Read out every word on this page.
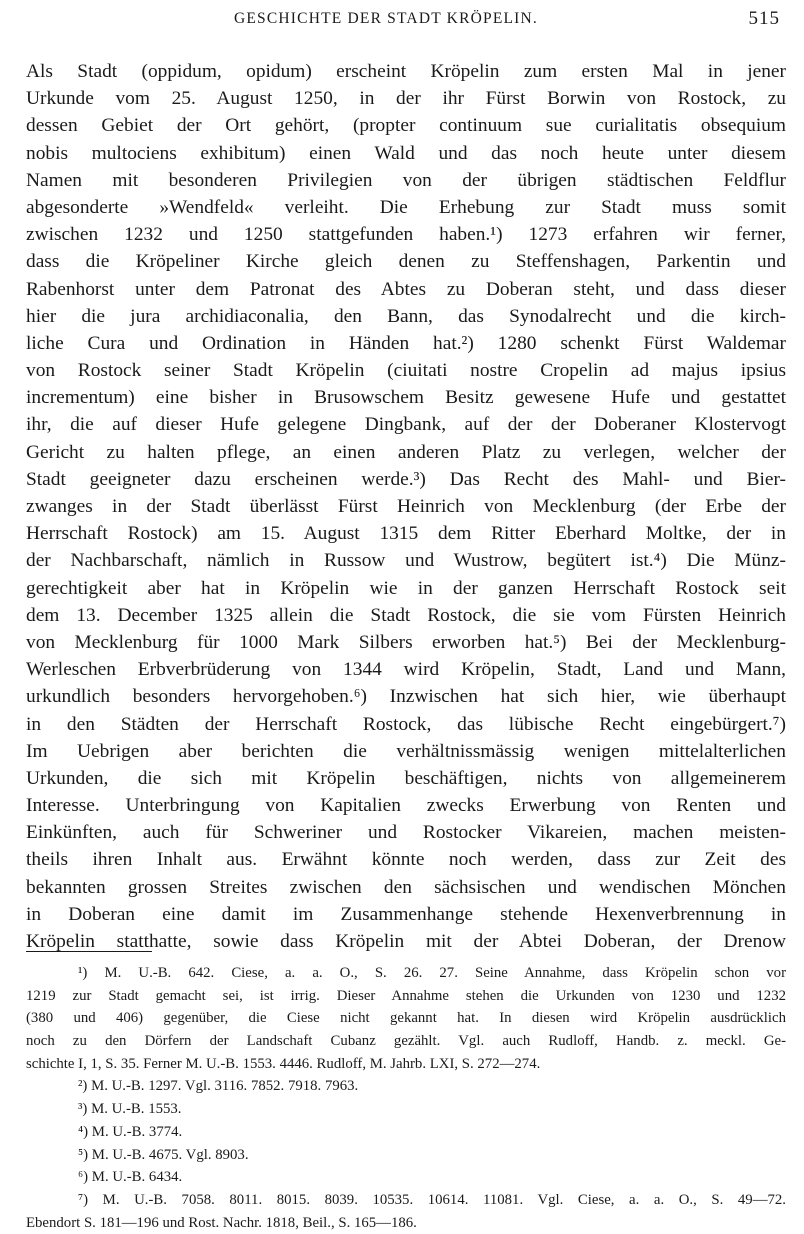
GESCHICHTE DER STADT KRÖPELIN.	515
Als Stadt (oppidum, opidum) erscheint Kröpelin zum ersten Mal in jener
Urkunde vom 25. August 1250, in der ihr Fürst Borwin von Rostock, zu
dessen Gebiet der Ort gehört, (propter continuum sue curialitatis obsequium
nobis multociens exhibitum) einen Wald und das noch heute unter diesem
Namen mit besonderen Privilegien von der übrigen städtischen Feldflur
abgesonderte »Wendfeld« verleiht. Die Erhebung zur Stadt muss somit
zwischen 1232 und 1250 stattgefunden haben.¹) 1273 erfahren wir ferner,
dass die Kröpeliner Kirche gleich denen zu Steffenshagen, Parkentin und
Rabenhorst unter dem Patronat des Abtes zu Doberan steht, und dass dieser
hier die jura archidiaconalia, den Bann, das Synodalrecht und die kirch-
liche Cura und Ordination in Händen hat.²) 1280 schenkt Fürst Waldemar
von Rostock seiner Stadt Kröpelin (ciuitati nostre Cropelin ad majus ipsius
incrementum) eine bisher in Brusowschem Besitz gewesene Hufe und gestattet
ihr, die auf dieser Hufe gelegene Dingbank, auf der der Doberaner Klostervogt
Gericht zu halten pflege, an einen anderen Platz zu verlegen, welcher der
Stadt geeigneter dazu erscheinen werde.³) Das Recht des Mahl- und Bier-
zwanges in der Stadt überlässt Fürst Heinrich von Mecklenburg (der Erbe der
Herrschaft Rostock) am 15. August 1315 dem Ritter Eberhard Moltke, der in
der Nachbarschaft, nämlich in Russow und Wustrow, begütert ist.⁴) Die Münz-
gerechtigkeit aber hat in Kröpelin wie in der ganzen Herrschaft Rostock seit
dem 13. December 1325 allein die Stadt Rostock, die sie vom Fürsten Heinrich
von Mecklenburg für 1000 Mark Silbers erworben hat.⁵) Bei der Mecklenburg-
Werleschen Erbverbrüderung von 1344 wird Kröpelin, Stadt, Land und Mann,
urkundlich besonders hervorgehoben.⁶) Inzwischen hat sich hier, wie überhaupt
in den Städten der Herrschaft Rostock, das lübische Recht eingebürgert.⁷)
Im Uebrigen aber berichten die verhältnissmässig wenigen mittelalterlichen
Urkunden, die sich mit Kröpelin beschäftigen, nichts von allgemeinerem
Interesse. Unterbringung von Kapitalien zwecks Erwerbung von Renten und
Einkünften, auch für Schweriner und Rostocker Vikareien, machen meisten-
theils ihren Inhalt aus. Erwähnt könnte noch werden, dass zur Zeit des
bekannten grossen Streites zwischen den sächsischen und wendischen Mönchen
in Doberan eine damit im Zusammenhange stehende Hexenverbrennung in
Kröpelin statthatte, sowie dass Kröpelin mit der Abtei Doberan, der Drenow
¹) M. U.-B. 642. Ciese, a. a. O., S. 26. 27. Seine Annahme, dass Kröpelin schon vor
1219 zur Stadt gemacht sei, ist irrig. Dieser Annahme stehen die Urkunden von 1230 und 1232
(380 und 406) gegenüber, die Ciese nicht gekannt hat. In diesen wird Kröpelin ausdrücklich
noch zu den Dörfern der Landschaft Cubanz gezählt. Vgl. auch Rudloff, Handb. z. meckl. Ge-
schichte I, 1, S. 35. Ferner M. U.-B. 1553. 4446. Rudloff, M. Jahrb. LXI, S. 272—274.
²) M. U.-B. 1297. Vgl. 3116. 7852. 7918. 7963.
³) M. U.-B. 1553.
⁴) M. U.-B. 3774.
⁵) M. U.-B. 4675. Vgl. 8903.
⁶) M. U.-B. 6434.
⁷) M. U.-B. 7058. 8011. 8015. 8039. 10535. 10614. 11081. Vgl. Ciese, a. a. O., S. 49—72.
Ebendort S. 181—196 und Rost. Nachr. 1818, Beil., S. 165—186.
